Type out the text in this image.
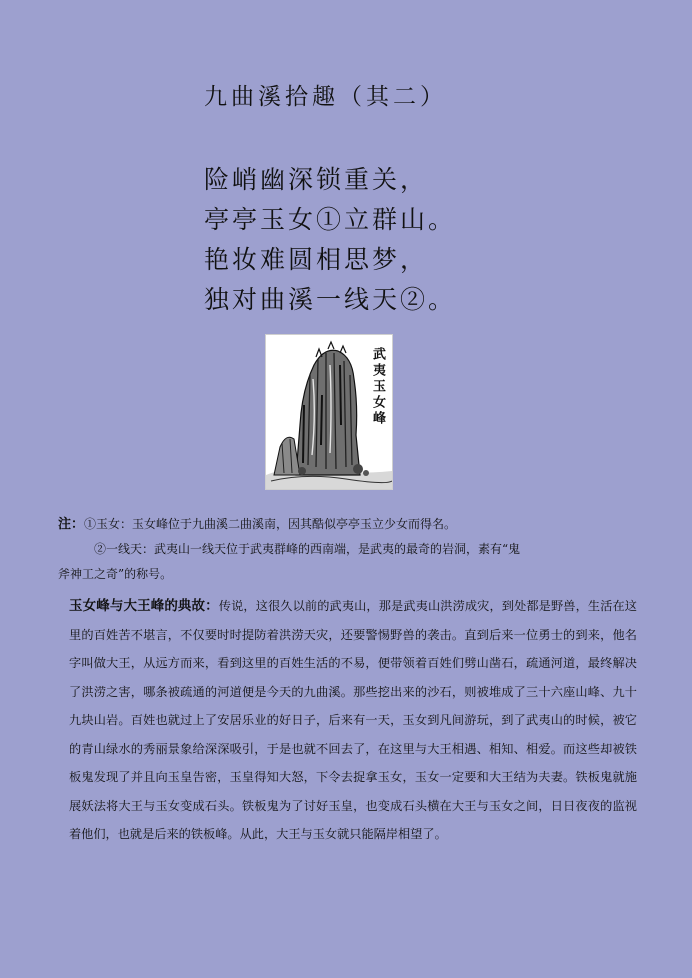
九曲溪拾趣（其二）
险峭幽深锁重关，
亭亭玉女①立群山。
艳妆难圆相思梦，
独对曲溪一线天②。
武夷玉女峰
注：①玉女：玉女峰位于九曲溪二曲溪南，因其酷似亭亭玉立少女而得名。
②一线天：武夷山一线天位于武夷群峰的西南端，是武夷的最奇的岩洞，素有“鬼
斧神工之奇”的称号。
玉女峰与大王峰的典故：传说，这很久以前的武夷山，那是武夷山洪涝成灾，到处都是野兽，生活在这里的百姓苦不堪言，不仅要时时提防着洪涝天灾，还要警惕野兽的袭击。直到后来一位勇士的到来，他名字叫做大王，从远方而来，看到这里的百姓生活的不易，便带领着百姓们劈山凿石，疏通河道，最终解决了洪涝之害，哪条被疏通的河道便是今天的九曲溪。那些挖出来的沙石，则被堆成了三十六座山峰、九十九块山岩。百姓也就过上了安居乐业的好日子，后来有一天，玉女到凡间游玩，到了武夷山的时候，被它的青山绿水的秀丽景象给深深吸引，于是也就不回去了，在这里与大王相遇、相知、相爱。而这些却被铁板鬼发现了并且向玉皇告密，玉皇得知大怒，下令去捉拿玉女，玉女一定要和大王结为夫妻。铁板鬼就施展妖法将大王与玉女变成石头。铁板鬼为了讨好玉皇，也变成石头横在大王与玉女之间，日日夜夜的监视着他们，也就是后来的铁板峰。从此，大王与玉女就只能隔岸相望了。
